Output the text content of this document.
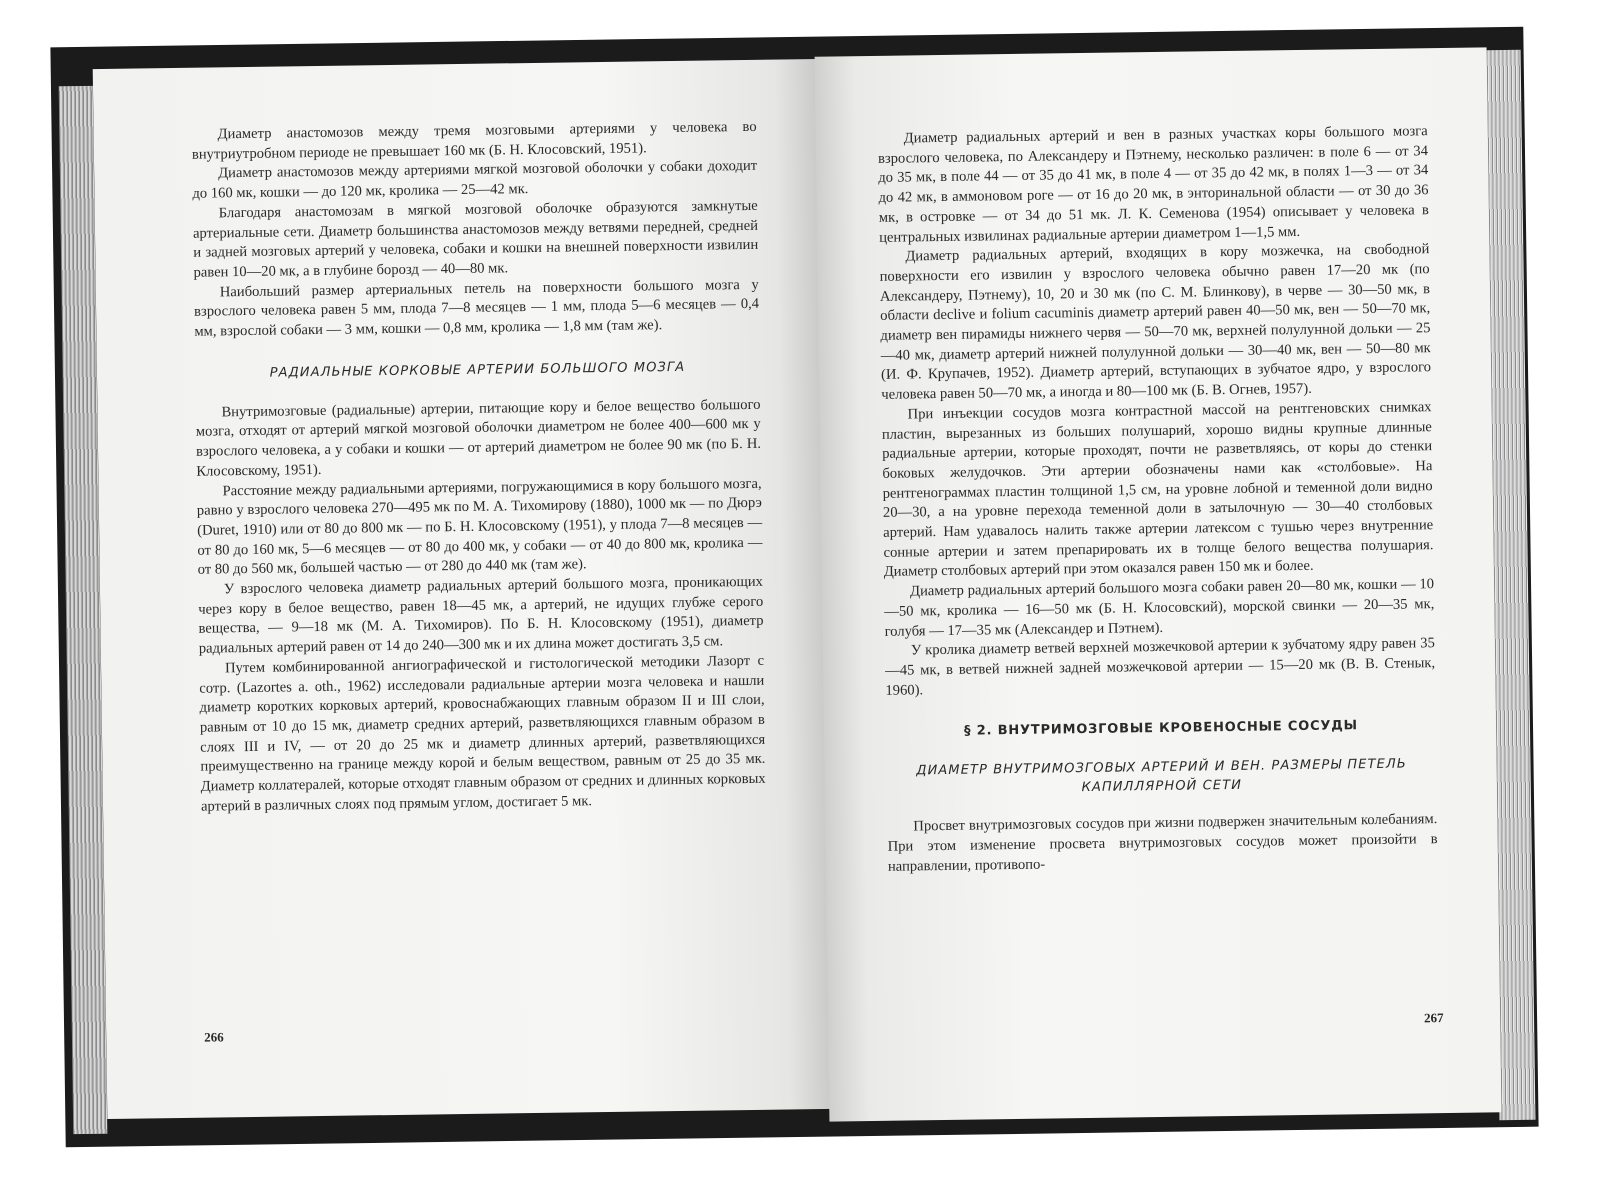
Диаметр анастомозов между тремя мозговыми артериями у человека во внутриутробном периоде не превышает 160 мк (Б. Н. Клосовский, 1951).

Диаметр анастомозов между артериями мягкой мозговой оболочки у собаки доходит до 160 мк, кошки — до 120 мк, кролика — 25—42 мк.

Благодаря анастомозам в мягкой мозговой оболочке образуются замкнутые артериальные сети. Диаметр большинства анастомозов между ветвями передней, средней и задней мозговых артерий у человека, собаки и кошки на внешней поверхности извилин равен 10—20 мк, а в глубине борозд — 40—80 мк.

Наибольший размер артериальных петель на поверхности большого мозга у взрослого человека равен 5 мм, плода 7—8 месяцев — 1 мм, плода 5—6 месяцев — 0,4 мм, взрослой собаки — 3 мм, кошки — 0,8 мм, кролика — 1,8 мм (там же).

РАДИАЛЬНЫЕ КОРКОВЫЕ АРТЕРИИ БОЛЬШОГО МОЗГА

Внутримозговые (радиальные) артерии, питающие кору и белое вещество большого мозга, отходят от артерий мягкой мозговой оболочки диаметром не более 400—600 мк у взрослого человека, а у собаки и кошки — от артерий диаметром не более 90 мк (по Б. Н. Клосовскому, 1951).

Расстояние между радиальными артериями, погружающимися в кору большого мозга, равно у взрослого человека 270—495 мк по М. А. Тихомирову (1880), 1000 мк — по Дюрэ (Duret, 1910) или от 80 до 800 мк — по Б. Н. Клосовскому (1951), у плода 7—8 месяцев — от 80 до 160 мк, 5—6 месяцев — от 80 до 400 мк, у собаки — от 40 до 800 мк, кролика — от 80 до 560 мк, большей частью — от 280 до 440 мк (там же).

У взрослого человека диаметр радиальных артерий большого мозга, проникающих через кору в белое вещество, равен 18—45 мк, а артерий, не идущих глубже серого вещества, — 9—18 мк (М. А. Тихомиров). По Б. Н. Клосовскому (1951), диаметр радиальных артерий равен от 14 до 240—300 мк и их длина может достигать 3,5 см.

Путем комбинированной ангиографической и гистологической методики Лазорт с сотр. (Lazortes a. oth., 1962) исследовали радиальные артерии мозга человека и нашли диаметр коротких корковых артерий, кровоснабжающих главным образом II и III слои, равным от 10 до 15 мк, диаметр средних артерий, разветвляющихся главным образом в слоях III и IV, — от 20 до 25 мк и диаметр длинных артерий, разветвляющихся преимущественно на границе между корой и белым веществом, равным от 25 до 35 мк. Диаметр коллатералей, которые отходят главным образом от средних и длинных корковых артерий в различных слоях под прямым углом, достигает 5 мк.

266

Диаметр радиальных артерий и вен в разных участках коры большого мозга взрослого человека, по Александеру и Пэтнему, несколько различен: в поле 6 — от 34 до 35 мк, в поле 44 — от 35 до 41 мк, в поле 4 — от 35 до 42 мк, в полях 1—3 — от 34 до 42 мк, в аммоновом роге — от 16 до 20 мк, в энторинальной области — от 30 до 36 мк, в островке — от 34 до 51 мк. Л. К. Семенова (1954) описывает у человека в центральных извилинах радиальные артерии диаметром 1—1,5 мм.

Диаметр радиальных артерий, входящих в кору мозжечка, на свободной поверхности его извилин у взрослого человека обычно равен 17—20 мк (по Александеру, Пэтнему), 10, 20 и 30 мк (по С. М. Блинкову), в черве — 30—50 мк, в области declive и folium cacuminis диаметр артерий равен 40—50 мк, вен — 50—70 мк, диаметр вен пирамиды нижнего червя — 50—70 мк, верхней полулунной дольки — 25—40 мк, диаметр артерий нижней полулунной дольки — 30—40 мк, вен — 50—80 мк (И. Ф. Крупачев, 1952). Диаметр артерий, вступающих в зубчатое ядро, у взрослого человека равен 50—70 мк, а иногда и 80—100 мк (Б. В. Огнев, 1957).

При инъекции сосудов мозга контрастной массой на рентгеновских снимках пластин, вырезанных из больших полушарий, хорошо видны крупные длинные радиальные артерии, которые проходят, почти не разветвляясь, от коры до стенки боковых желудочков. Эти артерии обозначены нами как «столбовые». На рентгенограммах пластин толщиной 1,5 см, на уровне лобной и теменной доли видно 20—30, а на уровне перехода теменной доли в затылочную — 30—40 столбовых артерий. Нам удавалось налить также артерии латексом с тушью через внутренние сонные артерии и затем препарировать их в толще белого вещества полушария. Диаметр столбовых артерий при этом оказался равен 150 мк и более.

Диаметр радиальных артерий большого мозга собаки равен 20—80 мк, кошки — 10—50 мк, кролика — 16—50 мк (Б. Н. Клосовский), морской свинки — 20—35 мк, голубя — 17—35 мк (Александер и Пэтнем).

У кролика диаметр ветвей верхней мозжечковой артерии к зубчатому ядру равен 35—45 мк, в ветвей нижней задней мозжечковой артерии — 15—20 мк (В. В. Стенык, 1960).

§ 2. ВНУТРИМОЗГОВЫЕ КРОВЕНОСНЫЕ СОСУДЫ
ДИАМЕТР ВНУТРИМОЗГОВЫХ АРТЕРИЙ И ВЕН. РАЗМЕРЫ ПЕТЕЛЬ КАПИЛЛЯРНОЙ СЕТИ

Просвет внутримозговых сосудов при жизни подвержен значительным колебаниям. При этом изменение просвета внутримозговых сосудов может произойти в направлении, противопо-

267
